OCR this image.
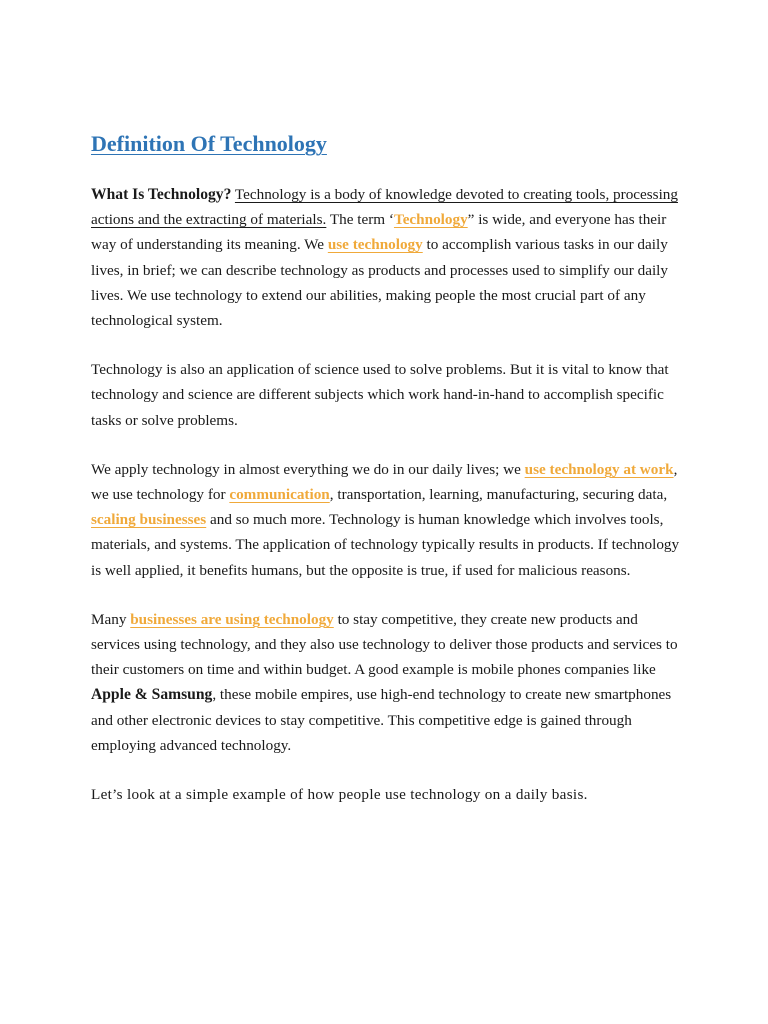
Definition Of Technology

What Is Technology? Technology is a body of knowledge devoted to creating tools, processing actions and the extracting of materials. The term ‘Technology” is wide, and everyone has their way of understanding its meaning. We use technology to accomplish various tasks in our daily lives, in brief; we can describe technology as products and processes used to simplify our daily lives. We use technology to extend our abilities, making people the most crucial part of any technological system.

Technology is also an application of science used to solve problems. But it is vital to know that technology and science are different subjects which work hand-in-hand to accomplish specific tasks or solve problems.

We apply technology in almost everything we do in our daily lives; we use technology at work, we use technology for communication, transportation, learning, manufacturing, securing data, scaling businesses and so much more. Technology is human knowledge which involves tools, materials, and systems. The application of technology typically results in products. If technology is well applied, it benefits humans, but the opposite is true, if used for malicious reasons.

Many businesses are using technology to stay competitive, they create new products and services using technology, and they also use technology to deliver those products and services to their customers on time and within budget. A good example is mobile phones companies like Apple & Samsung, these mobile empires, use high-end technology to create new smartphones and other electronic devices to stay competitive. This competitive edge is gained through employing advanced technology.

Let’s look at a simple example of how people use technology on a daily basis.
